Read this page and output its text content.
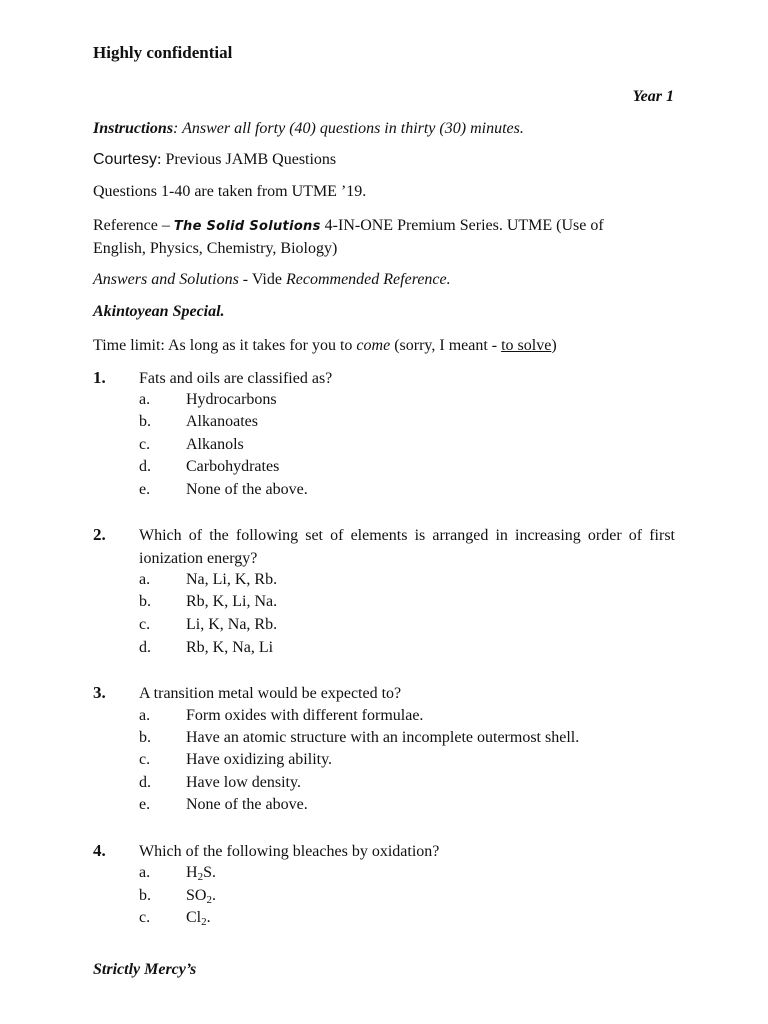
Highly confidential
Year 1
Instructions: Answer all forty (40) questions in thirty (30) minutes.
Courtesy: Previous JAMB Questions
Questions 1-40 are taken from UTME ’19.
Reference – The Solid Solutions 4-IN-ONE Premium Series. UTME (Use of
English, Physics, Chemistry, Biology)
Answers and Solutions - Vide Recommended Reference.
Akintoyean Special.
Time limit: As long as it takes for you to come (sorry, I meant - to solve)
1. Fats and oils are classified as?
a. Hydrocarbons
b. Alkanoates
c. Alkanols
d. Carbohydrates
e. None of the above.
2. Which of the following set of elements is arranged in increasing order of first ionization energy?
a. Na, Li, K, Rb.
b. Rb, K, Li, Na.
c. Li, K, Na, Rb.
d. Rb, K, Na, Li
3. A transition metal would be expected to?
a. Form oxides with different formulae.
b. Have an atomic structure with an incomplete outermost shell.
c. Have oxidizing ability.
d. Have low density.
e. None of the above.
4. Which of the following bleaches by oxidation?
a. $H_2S$.
b. $SO_2$.
c. $Cl_2$.
Strictly Mercy’s
